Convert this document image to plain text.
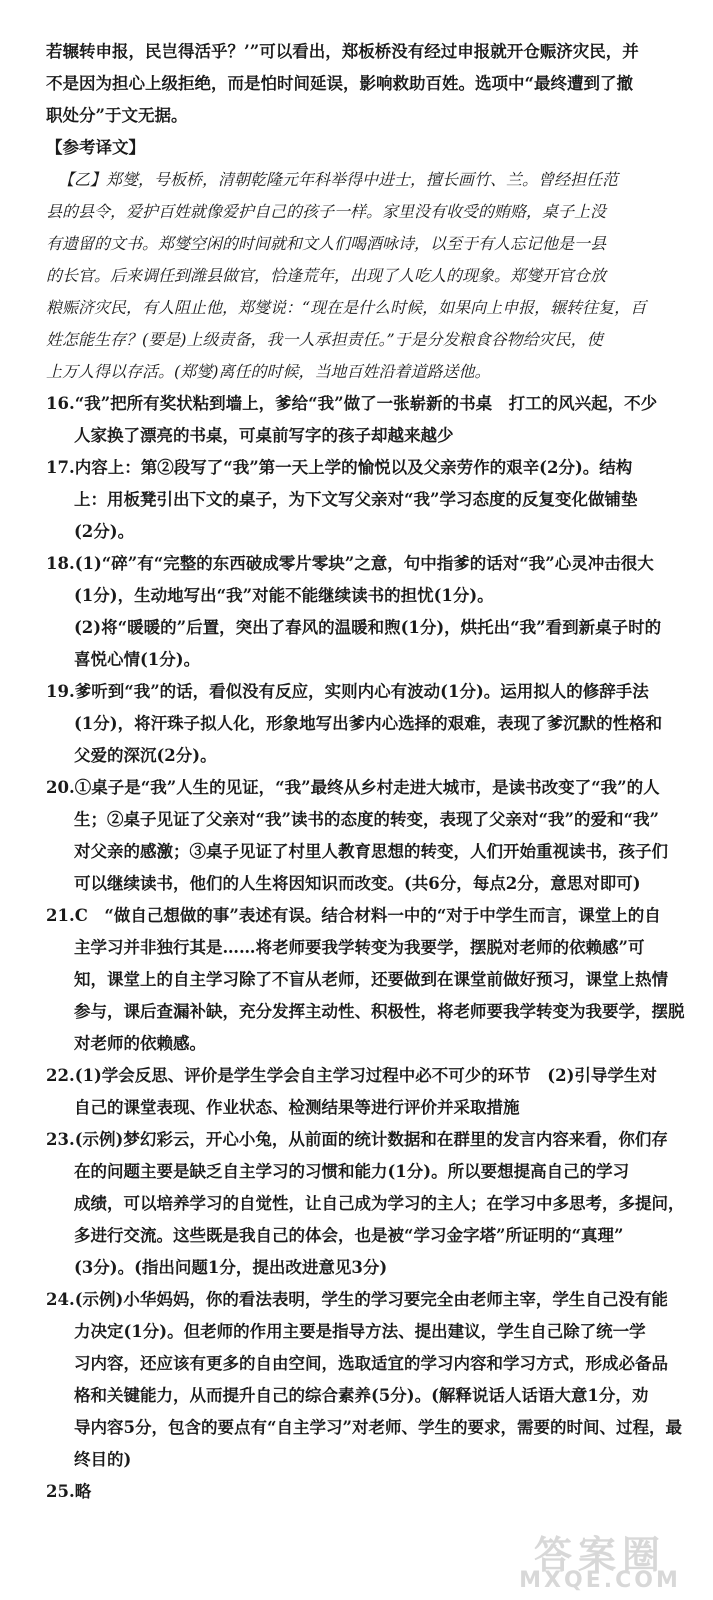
若辗转申报，民岂得活乎？’”可以看出，郑板桥没有经过申报就开仓赈济灾民，并
不是因为担心上级拒绝，而是怕时间延误，影响救助百姓。选项中“最终遭到了撤
职处分”于文无据。
【参考译文】
【乙】郑燮，号板桥，清朝乾隆元年科举得中进士，擅长画竹、兰。曾经担任范
县的县令，爱护百姓就像爱护自己的孩子一样。家里没有收受的贿赂，桌子上没
有遗留的文书。郑燮空闲的时间就和文人们喝酒咏诗，以至于有人忘记他是一县
的长官。后来调任到潍县做官，恰逢荒年，出现了人吃人的现象。郑燮开官仓放
粮赈济灾民，有人阻止他，郑燮说：“现在是什么时候，如果向上申报，辗转往复，百
姓怎能生存？(要是)上级责备，我一人承担责任。”于是分发粮食谷物给灾民，使
上万人得以存活。(郑燮)离任的时候，当地百姓沿着道路送他。
16.“我”把所有奖状粘到墙上，爹给“我”做了一张崭新的书桌　打工的风兴起，不少
人家换了漂亮的书桌，可桌前写字的孩子却越来越少
17.内容上：第②段写了“我”第一天上学的愉悦以及父亲劳作的艰辛(2分)。结构
上：用板凳引出下文的桌子，为下文写父亲对“我”学习态度的反复变化做铺垫
(2分)。
18.(1)“碎”有“完整的东西破成零片零块”之意，句中指爹的话对“我”心灵冲击很大
(1分)，生动地写出“我”对能不能继续读书的担忧(1分)。
(2)将“暖暖的”后置，突出了春风的温暖和煦(1分)，烘托出“我”看到新桌子时的
喜悦心情(1分)。
19.爹听到“我”的话，看似没有反应，实则内心有波动(1分)。运用拟人的修辞手法
(1分)，将汗珠子拟人化，形象地写出爹内心选择的艰难，表现了爹沉默的性格和
父爱的深沉(2分)。
20.①桌子是“我”人生的见证，“我”最终从乡村走进大城市，是读书改变了“我”的人
生；②桌子见证了父亲对“我”读书的态度的转变，表现了父亲对“我”的爱和“我”
对父亲的感激；③桌子见证了村里人教育思想的转变，人们开始重视读书，孩子们
可以继续读书，他们的人生将因知识而改变。(共6分，每点2分，意思对即可)
21.C　“做自己想做的事”表述有误。结合材料一中的“对于中学生而言，课堂上的自
主学习并非独行其是……将老师要我学转变为我要学，摆脱对老师的依赖感”可
知，课堂上的自主学习除了不盲从老师，还要做到在课堂前做好预习，课堂上热情
参与，课后查漏补缺，充分发挥主动性、积极性，将老师要我学转变为我要学，摆脱
对老师的依赖感。
22.(1)学会反思、评价是学生学会自主学习过程中必不可少的环节　(2)引导学生对
自己的课堂表现、作业状态、检测结果等进行评价并采取措施
23.(示例)梦幻彩云，开心小兔，从前面的统计数据和在群里的发言内容来看，你们存
在的问题主要是缺乏自主学习的习惯和能力(1分)。所以要想提高自己的学习
成绩，可以培养学习的自觉性，让自己成为学习的主人；在学习中多思考，多提问，
多进行交流。这些既是我自己的体会，也是被“学习金字塔”所证明的“真理”
(3分)。(指出问题1分，提出改进意见3分)
24.(示例)小华妈妈，你的看法表明，学生的学习要完全由老师主宰，学生自己没有能
力决定(1分)。但老师的作用主要是指导方法、提出建议，学生自己除了统一学
习内容，还应该有更多的自由空间，选取适宜的学习内容和学习方式，形成必备品
格和关键能力，从而提升自己的综合素养(5分)。(解释说话人话语大意1分，劝
导内容5分，包含的要点有“自主学习”对老师、学生的要求，需要的时间、过程，最
终目的)
25.略
答案圈
MXQE.COM
